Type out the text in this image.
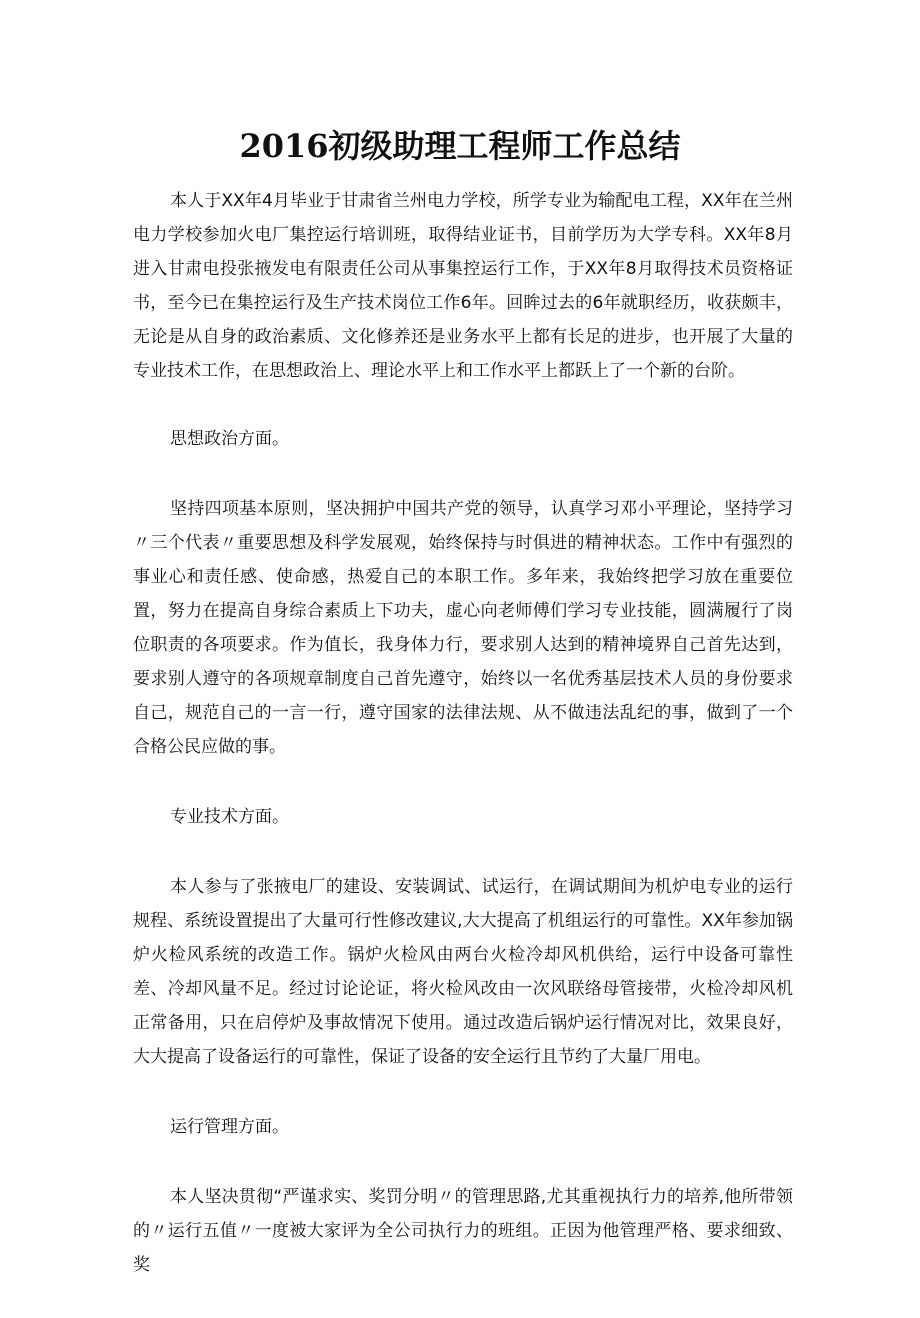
2016初级助理工程师工作总结

本人于XX年4月毕业于甘肃省兰州电力学校，所学专业为输配电工程，XX年在兰州电力学校参加火电厂集控运行培训班，取得结业证书，目前学历为大学专科。XX年8月进入甘肃电投张掖发电有限责任公司从事集控运行工作，于XX年8月取得技术员资格证书，至今已在集控运行及生产技术岗位工作6年。回眸过去的6年就职经历，收获颇丰，无论是从自身的政治素质、文化修养还是业务水平上都有长足的进步，也开展了大量的专业技术工作，在思想政治上、理论水平上和工作水平上都跃上了一个新的台阶。

思想政治方面。

坚持四项基本原则，坚决拥护中国共产党的领导，认真学习邓小平理论，坚持学习〃三个代表〃重要思想及科学发展观，始终保持与时俱进的精神状态。工作中有强烈的事业心和责任感、使命感，热爱自己的本职工作。多年来，我始终把学习放在重要位置，努力在提高自身综合素质上下功夫，虚心向老师傅们学习专业技能，圆满履行了岗位职责的各项要求。作为值长，我身体力行，要求别人达到的精神境界自己首先达到，要求别人遵守的各项规章制度自己首先遵守，始终以一名优秀基层技术人员的身份要求自己，规范自己的一言一行，遵守国家的法律法规、从不做违法乱纪的事，做到了一个合格公民应做的事。

专业技术方面。

本人参与了张掖电厂的建设、安装调试、试运行，在调试期间为机炉电专业的运行规程、系统设置提出了大量可行性修改建议,大大提高了机组运行的可靠性。XX年参加锅炉火检风系统的改造工作。锅炉火检风由两台火检冷却风机供给，运行中设备可靠性差、冷却风量不足。经过讨论论证，将火检风改由一次风联络母管接带，火检冷却风机正常备用，只在启停炉及事故情况下使用。通过改造后锅炉运行情况对比，效果良好，大大提高了设备运行的可靠性，保证了设备的安全运行且节约了大量厂用电。

运行管理方面。

本人坚决贯彻“严谨求实、奖罚分明〃的管理思路,尤其重视执行力的培养,他所带领的〃运行五值〃一度被大家评为全公司执行力的班组。正因为他管理严格、要求细致、奖
